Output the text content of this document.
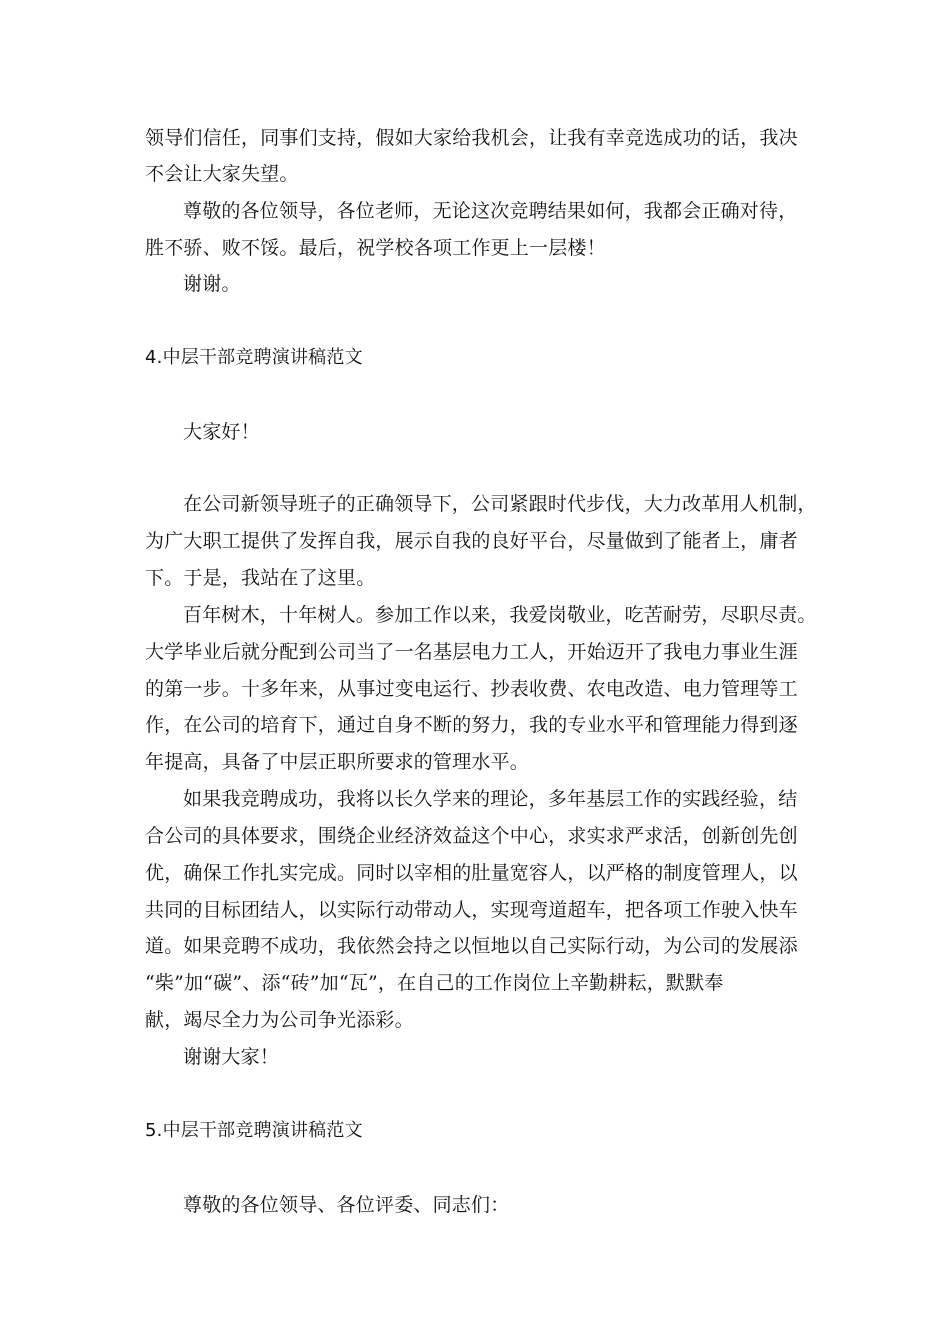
领导们信任，同事们支持，假如大家给我机会，让我有幸竞选成功的话，我决
不会让大家失望。
尊敬的各位领导，各位老师，无论这次竞聘结果如何，我都会正确对待，
胜不骄、败不馁。最后，祝学校各项工作更上一层楼！
谢谢。
4.中层干部竞聘演讲稿范文
大家好！
在公司新领导班子的正确领导下，公司紧跟时代步伐，大力改革用人机制，
为广大职工提供了发挥自我，展示自我的良好平台，尽量做到了能者上，庸者
下。于是，我站在了这里。
百年树木，十年树人。参加工作以来，我爱岗敬业，吃苦耐劳，尽职尽责。
大学毕业后就分配到公司当了一名基层电力工人，开始迈开了我电力事业生涯
的第一步。十多年来，从事过变电运行、抄表收费、农电改造、电力管理等工
作，在公司的培育下，通过自身不断的努力，我的专业水平和管理能力得到逐
年提高，具备了中层正职所要求的管理水平。
如果我竞聘成功，我将以长久学来的理论，多年基层工作的实践经验，结
合公司的具体要求，围绕企业经济效益这个中心，求实求严求活，创新创先创
优，确保工作扎实完成。同时以宰相的肚量宽容人，以严格的制度管理人，以
共同的目标团结人，以实际行动带动人，实现弯道超车，把各项工作驶入快车
道。如果竞聘不成功，我依然会持之以恒地以自己实际行动，为公司的发展添
“柴”加“碳”、添“砖”加“瓦”，在自己的工作岗位上辛勤耕耘，默默奉
献，竭尽全力为公司争光添彩。
谢谢大家！
5.中层干部竞聘演讲稿范文
尊敬的各位领导、各位评委、同志们：
